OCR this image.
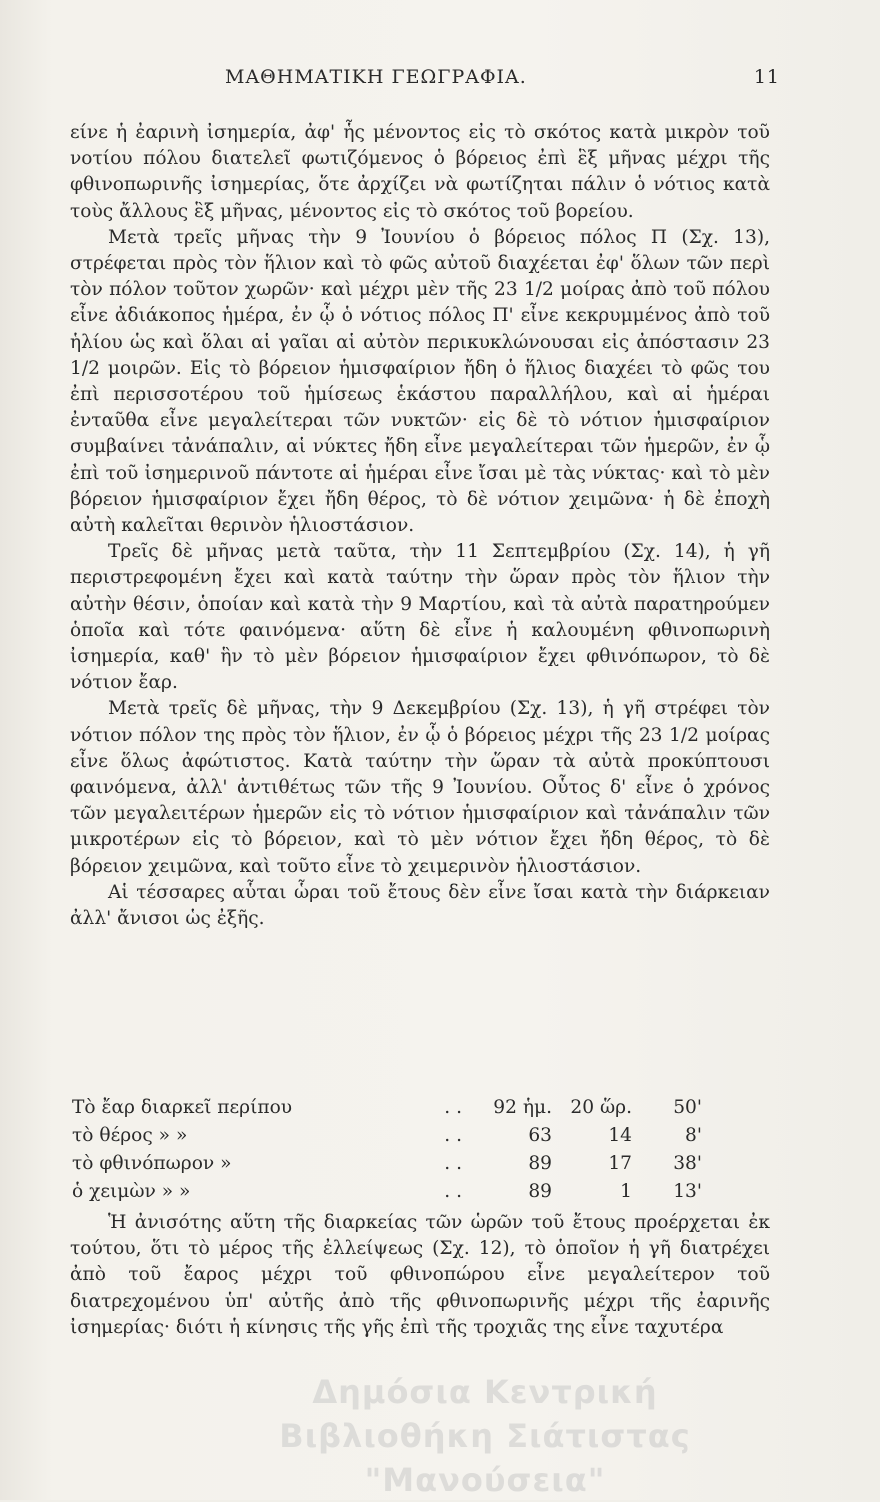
ΜΑΘΗΜΑΤΙΚΗ ΓΕΩΓΡΑΦΙΑ.	11

είνε ἡ ἐαρινὴ ἰσημερία, ἀφ' ἧς μένοντος εἰς τὸ σκότος κατὰ μικρὸν τοῦ νοτίου πόλου διατελεῖ φωτιζόμενος ὁ βόρειος ἐπὶ ἓξ μῆνας μέχρι τῆς φθινοπωρινῆς ἰσημερίας, ὅτε ἀρχίζει νὰ φωτίζηται πάλιν ὁ νότιος κατὰ τοὺς ἄλλους ἓξ μῆνας, μένοντος εἰς τὸ σκότος τοῦ βορείου.

Μετὰ τρεῖς μῆνας τὴν 9 Ἰουνίου ὁ βόρειος πόλος Π (Σχ. 13), στρέφεται πρὸς τὸν ἥλιον καὶ τὸ φῶς αὐτοῦ διαχέεται ἐφ' ὅλων τῶν περὶ τὸν πόλον τοῦτον χωρῶν· καὶ μέχρι μὲν τῆς 23 1/2 μοίρας ἀπὸ τοῦ πόλου εἶνε ἀδιάκοπος ἡμέρα, ἐν ᾧ ὁ νότιος πόλος Π' εἶνε κεκρυμμένος ἀπὸ τοῦ ἡλίου ὡς καὶ ὅλαι αἱ γαῖαι αἱ αὐτὸν περικυκλώνουσαι εἰς ἀπόστασιν 23 1/2 μοιρῶν. Εἰς τὸ βόρειον ἡμισφαίριον ἤδη ὁ ἥλιος διαχέει τὸ φῶς του ἐπὶ περισσοτέρου τοῦ ἡμίσεως ἑκάστου παραλλήλου, καὶ αἱ ἡμέραι ἐνταῦθα εἶνε μεγαλείτεραι τῶν νυκτῶν· εἰς δὲ τὸ νότιον ἡμισφαίριον συμβαίνει τἀνάπαλιν, αἱ νύκτες ἤδη εἶνε μεγαλείτεραι τῶν ἡμερῶν, ἐν ᾧ ἐπὶ τοῦ ἰσημερινοῦ πάντοτε αἱ ἡμέραι εἶνε ἴσαι μὲ τὰς νύκτας· καὶ τὸ μὲν βόρειον ἡμισφαίριον ἔχει ἤδη θέρος, τὸ δὲ νότιον χειμῶνα· ἡ δὲ ἐποχὴ αὐτὴ καλεῖται θερινὸν ἡλιοστάσιον.

Τρεῖς δὲ μῆνας μετὰ ταῦτα, τὴν 11 Σεπτεμβρίου (Σχ. 14), ἡ γῆ περιστρεφομένη ἔχει καὶ κατὰ ταύτην τὴν ὥραν πρὸς τὸν ἥλιον τὴν αὐτὴν θέσιν, ὁποίαν καὶ κατὰ τὴν 9 Μαρτίου, καὶ τὰ αὐτὰ παρατηρούμεν ὁποῖα καὶ τότε φαινόμενα· αὕτη δὲ εἶνε ἡ καλουμένη φθινοπωρινὴ ἰσημερία, καθ' ἣν τὸ μὲν βόρειον ἡμισφαίριον ἔχει φθινόπωρον, τὸ δὲ νότιον ἔαρ.

Μετὰ τρεῖς δὲ μῆνας, τὴν 9 Δεκεμβρίου (Σχ. 13), ἡ γῆ στρέφει τὸν νότιον πόλον της πρὸς τὸν ἥλιον, ἐν ᾧ ὁ βόρειος μέχρι τῆς 23 1/2 μοίρας εἶνε ὅλως ἀφώτιστος. Κατὰ ταύτην τὴν ὥραν τὰ αὐτὰ προκύπτουσι φαινόμενα, ἀλλ' ἀντιθέτως τῶν τῆς 9 Ἰουνίου. Οὗτος δ' εἶνε ὁ χρόνος τῶν μεγαλειτέρων ἡμερῶν εἰς τὸ νότιον ἡμισφαίριον καὶ τἀνάπαλιν τῶν μικροτέρων εἰς τὸ βόρειον, καὶ τὸ μὲν νότιον ἔχει ἤδη θέρος, τὸ δὲ βόρειον χειμῶνα, καὶ τοῦτο εἶνε τὸ χειμερινὸν ἡλιοστάσιον.

Αἱ τέσσαρες αὗται ὧραι τοῦ ἔτους δὲν εἶνε ἴσαι κατὰ τὴν διάρκειαν ἀλλ' ἄνισοι ὡς ἐξῆς.

Τὸ ἔαρ διαρκεῖ περίπου	. .	92 ἡμ. 20 ὥρ.	50'
τὸ θέρος » »	. .	63	14	8'
τὸ φθινόπωρον »	. .	89	17	38'
ὁ χειμὼν » »	. .	89	1	13'

Ἡ ἀνισότης αὕτη τῆς διαρκείας τῶν ὡρῶν τοῦ ἔτους προέρχεται ἐκ τούτου, ὅτι τὸ μέρος τῆς ἐλλείψεως (Σχ. 12), τὸ ὁποῖον ἡ γῆ διατρέχει ἀπὸ τοῦ ἔαρος μέχρι τοῦ φθινοπώρου εἶνε μεγαλείτερον τοῦ διατρεχομένου ὑπ' αὐτῆς ἀπὸ τῆς φθινοπωρινῆς μέχρι τῆς ἐαρινῆς ἰσημερίας· διότι ἡ κίνησις τῆς γῆς ἐπὶ τῆς τροχιᾶς της εἶνε ταχυτέρα

Δημόσια Κεντρική
Βιβλιοθήκη Σιάτιστας "Μανούσεια"
